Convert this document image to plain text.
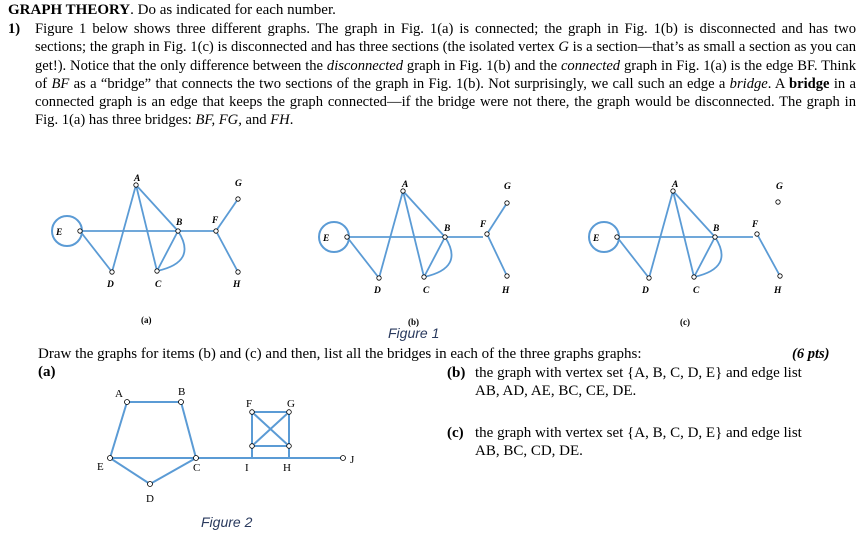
GRAPH THEORY. Do as indicated for each number.
1) Figure 1 below shows three different graphs. The graph in Fig. 1(a) is connected; the graph in Fig. 1(b) is disconnected and has two sections; the graph in Fig. 1(c) is disconnected and has three sections (the isolated vertex G is a section—that’s as small a section as you can get!). Notice that the only difference between the disconnected graph in Fig. 1(b) and the connected graph in Fig. 1(a) is the edge BF. Think of BF as a “bridge” that connects the two sections of the graph in Fig. 1(b). Not surprisingly, we call such an edge a bridge. A bridge in a connected graph is an edge that keeps the graph connected—if the bridge were not there, the graph would be disconnected. The graph in Fig. 1(a) has three bridges: BF, FG, and FH.
A
B
C
D
E
F
G
H
(a)
A
B
C
D
E
F
G
H
(b)
A
B
C
D
E
F
G
H
(c)
A	B
C
D
E
F	G
H
I
J
Figure 1
Draw the graphs for items (b) and (c) and then, list all the bridges in each of the three graphs graphs:	(6 pts)
(a)	(b) the graph with vertex set {A, B, C, D, E} and edge list
AB, AD, AE, BC, CE, DE.
(c) the graph with vertex set {A, B, C, D, E} and edge list
AB, BC, CD, DE.
Figure 2
